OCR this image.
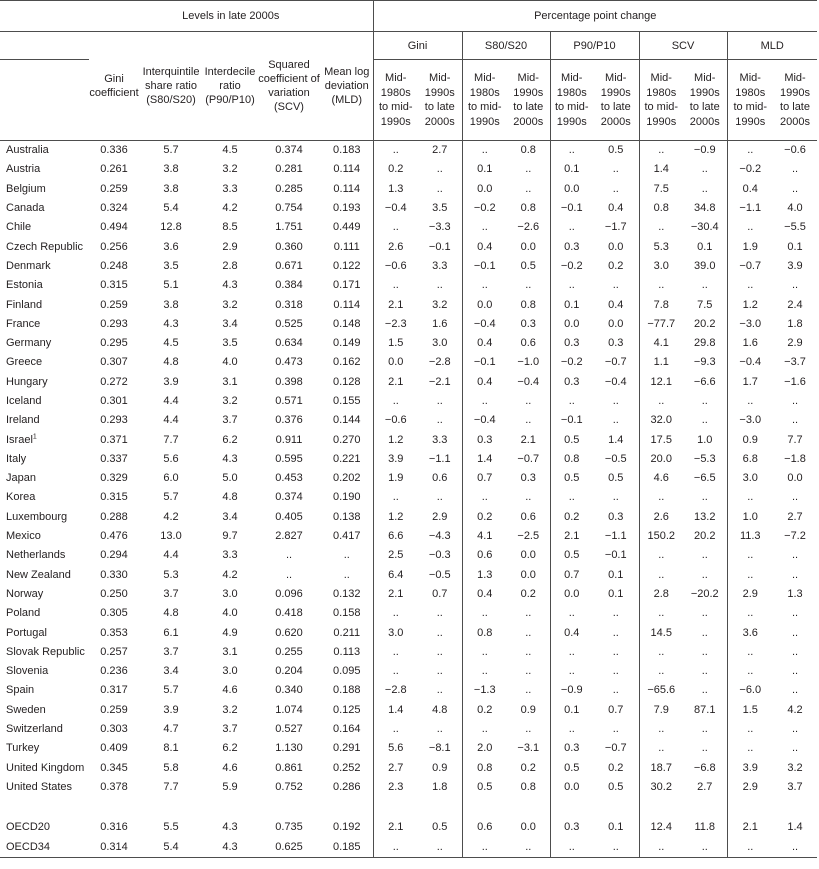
	Levels in late 2000s					Percentage point change									
	Gini coefficient	Interquintile share ratio (S80/S20)	Interdecile ratio (P90/P10)	Squared coefficient of variation (SCV)	Mean log deviation (MLD)	Gini		S80/S20		P90/P10		SCV		MLD	
						Mid-1980s to mid-1990s	Mid-1990s to late 2000s	Mid-1980s to mid-1990s	Mid-1990s to late 2000s	Mid-1980s to mid-1990s	Mid-1990s to late 2000s	Mid-1980s to mid-1990s	Mid-1990s to late 2000s	Mid-1980s to mid-1990s	Mid-1990s to late 2000s
Australia	0.336	5.7	4.5	0.374	0.183	..	2.7	..	0.8	..	0.5	..	−0.9	..	−0.6
Austria	0.261	3.8	3.2	0.281	0.114	0.2	..	0.1	..	0.1	..	1.4	..	−0.2	..
Belgium	0.259	3.8	3.3	0.285	0.114	1.3	..	0.0	..	0.0	..	7.5	..	0.4	..
Canada	0.324	5.4	4.2	0.754	0.193	−0.4	3.5	−0.2	0.8	−0.1	0.4	0.8	34.8	−1.1	4.0
Chile	0.494	12.8	8.5	1.751	0.449	..	−3.3	..	−2.6	..	−1.7	..	−30.4	..	−5.5
Czech Republic	0.256	3.6	2.9	0.360	0.111	2.6	−0.1	0.4	0.0	0.3	0.0	5.3	0.1	1.9	0.1
Denmark	0.248	3.5	2.8	0.671	0.122	−0.6	3.3	−0.1	0.5	−0.2	0.2	3.0	39.0	−0.7	3.9
Estonia	0.315	5.1	4.3	0.384	0.171	..	..	..	..	..	..	..	..	..	..
Finland	0.259	3.8	3.2	0.318	0.114	2.1	3.2	0.0	0.8	0.1	0.4	7.8	7.5	1.2	2.4
France	0.293	4.3	3.4	0.525	0.148	−2.3	1.6	−0.4	0.3	0.0	0.0	−77.7	20.2	−3.0	1.8
Germany	0.295	4.5	3.5	0.634	0.149	1.5	3.0	0.4	0.6	0.3	0.3	4.1	29.8	1.6	2.9
Greece	0.307	4.8	4.0	0.473	0.162	0.0	−2.8	−0.1	−1.0	−0.2	−0.7	1.1	−9.3	−0.4	−3.7
Hungary	0.272	3.9	3.1	0.398	0.128	2.1	−2.1	0.4	−0.4	0.3	−0.4	12.1	−6.6	1.7	−1.6
Iceland	0.301	4.4	3.2	0.571	0.155	..	..	..	..	..	..	..	..	..	..
Ireland	0.293	4.4	3.7	0.376	0.144	−0.6	..	−0.4	..	−0.1	..	32.0	..	−3.0	..
Israel$^1$	0.371	7.7	6.2	0.911	0.270	1.2	3.3	0.3	2.1	0.5	1.4	17.5	1.0	0.9	7.7
Italy	0.337	5.6	4.3	0.595	0.221	3.9	−1.1	1.4	−0.7	0.8	−0.5	20.0	−5.3	6.8	−1.8
Japan	0.329	6.0	5.0	0.453	0.202	1.9	0.6	0.7	0.3	0.5	0.5	4.6	−6.5	3.0	0.0
Korea	0.315	5.7	4.8	0.374	0.190	..	..	..	..	..	..	..	..	..	..
Luxembourg	0.288	4.2	3.4	0.405	0.138	1.2	2.9	0.2	0.6	0.2	0.3	2.6	13.2	1.0	2.7
Mexico	0.476	13.0	9.7	2.827	0.417	6.6	−4.3	4.1	−2.5	2.1	−1.1	150.2	20.2	11.3	−7.2
Netherlands	0.294	4.4	3.3	..	..	2.5	−0.3	0.6	0.0	0.5	−0.1	..	..	..	..
New Zealand	0.330	5.3	4.2	..	..	6.4	−0.5	1.3	0.0	0.7	0.1	..	..	..	..
Norway	0.250	3.7	3.0	0.096	0.132	2.1	0.7	0.4	0.2	0.0	0.1	2.8	−20.2	2.9	1.3
Poland	0.305	4.8	4.0	0.418	0.158	..	..	..	..	..	..	..	..	..	..
Portugal	0.353	6.1	4.9	0.620	0.211	3.0	..	0.8	..	0.4	..	14.5	..	3.6	..
Slovak Republic	0.257	3.7	3.1	0.255	0.113	..	..	..	..	..	..	..	..	..	..
Slovenia	0.236	3.4	3.0	0.204	0.095	..	..	..	..	..	..	..	..	..	..
Spain	0.317	5.7	4.6	0.340	0.188	−2.8	..	−1.3	..	−0.9	..	−65.6	..	−6.0	..
Sweden	0.259	3.9	3.2	1.074	0.125	1.4	4.8	0.2	0.9	0.1	0.7	7.9	87.1	1.5	4.2
Switzerland	0.303	4.7	3.7	0.527	0.164	..	..	..	..	..	..	..	..	..	..
Turkey	0.409	8.1	6.2	1.130	0.291	5.6	−8.1	2.0	−3.1	0.3	−0.7	..	..	..	..
United Kingdom	0.345	5.8	4.6	0.861	0.252	2.7	0.9	0.8	0.2	0.5	0.2	18.7	−6.8	3.9	3.2
United States	0.378	7.7	5.9	0.752	0.286	2.3	1.8	0.5	0.8	0.0	0.5	30.2	2.7	2.9	3.7

OECD20	0.316	5.5	4.3	0.735	0.192	2.1	0.5	0.6	0.0	0.3	0.1	12.4	11.8	2.1	1.4
OECD34	0.314	5.4	4.3	0.625	0.185	..	..	..	..	..	..	..	..	..	..
